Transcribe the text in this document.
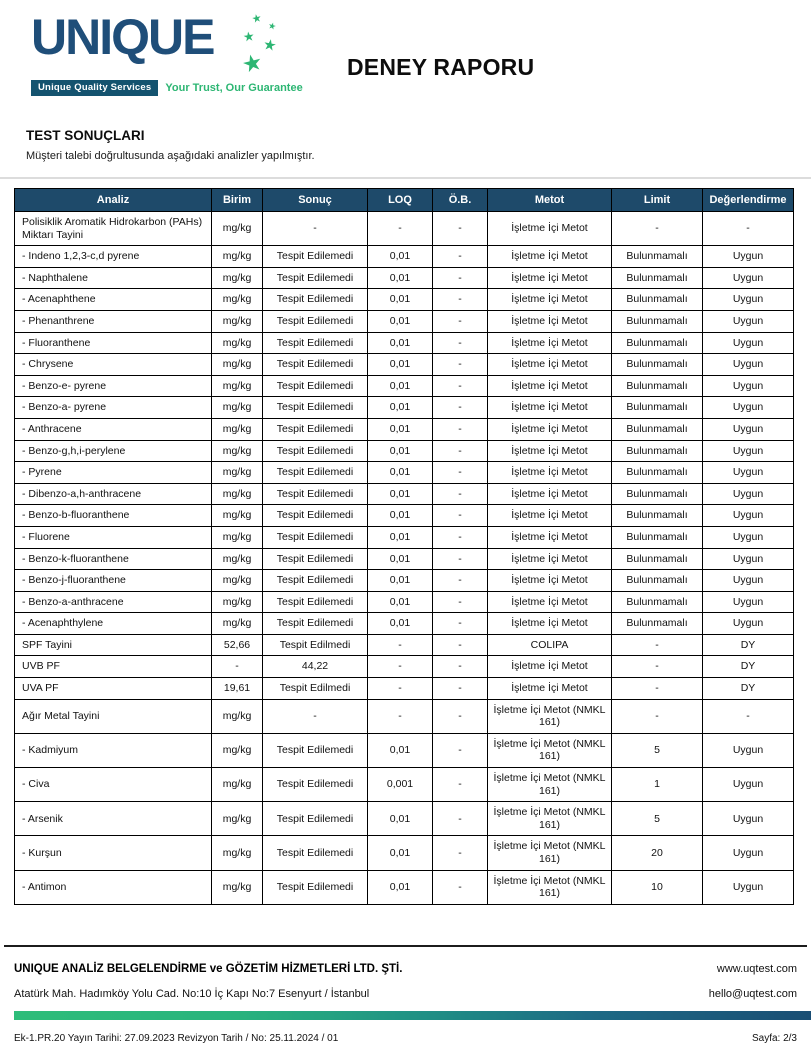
UNIQUE	★
★
★ ★
★
Unique Quality Services	Your Trust, Our Guarantee
DENEY RAPORU
TEST SONUÇLARI
Müşteri talebi doğrultusunda aşağıdaki analizler yapılmıştır.
Analiz	Birim	Sonuç	LOQ	Ö.B.	Metot	Limit	Değerlendirme
Polisiklik Aromatik Hidrokarbon (PAHs) Miktarı Tayini	mg/kg	-	-	-	İşletme İçi Metot	-	-
- Indeno 1,2,3-c,d pyrene	mg/kg	Tespit Edilemedi	0,01	-	İşletme İçi Metot	Bulunmamalı	Uygun
- Naphthalene	mg/kg	Tespit Edilemedi	0,01	-	İşletme İçi Metot	Bulunmamalı	Uygun
- Acenaphthene	mg/kg	Tespit Edilemedi	0,01	-	İşletme İçi Metot	Bulunmamalı	Uygun
- Phenanthrene	mg/kg	Tespit Edilemedi	0,01	-	İşletme İçi Metot	Bulunmamalı	Uygun
- Fluoranthene	mg/kg	Tespit Edilemedi	0,01	-	İşletme İçi Metot	Bulunmamalı	Uygun
- Chrysene	mg/kg	Tespit Edilemedi	0,01	-	İşletme İçi Metot	Bulunmamalı	Uygun
- Benzo-e- pyrene	mg/kg	Tespit Edilemedi	0,01	-	İşletme İçi Metot	Bulunmamalı	Uygun
- Benzo-a- pyrene	mg/kg	Tespit Edilemedi	0,01	-	İşletme İçi Metot	Bulunmamalı	Uygun
- Anthracene	mg/kg	Tespit Edilemedi	0,01	-	İşletme İçi Metot	Bulunmamalı	Uygun
- Benzo-g,h,i-perylene	mg/kg	Tespit Edilemedi	0,01	-	İşletme İçi Metot	Bulunmamalı	Uygun
- Pyrene	mg/kg	Tespit Edilemedi	0,01	-	İşletme İçi Metot	Bulunmamalı	Uygun
- Dibenzo-a,h-anthracene	mg/kg	Tespit Edilemedi	0,01	-	İşletme İçi Metot	Bulunmamalı	Uygun
- Benzo-b-fluoranthene	mg/kg	Tespit Edilemedi	0,01	-	İşletme İçi Metot	Bulunmamalı	Uygun
- Fluorene	mg/kg	Tespit Edilemedi	0,01	-	İşletme İçi Metot	Bulunmamalı	Uygun
- Benzo-k-fluoranthene	mg/kg	Tespit Edilemedi	0,01	-	İşletme İçi Metot	Bulunmamalı	Uygun
- Benzo-j-fluoranthene	mg/kg	Tespit Edilemedi	0,01	-	İşletme İçi Metot	Bulunmamalı	Uygun
- Benzo-a-anthracene	mg/kg	Tespit Edilemedi	0,01	-	İşletme İçi Metot	Bulunmamalı	Uygun
- Acenaphthylene	mg/kg	Tespit Edilemedi	0,01	-	İşletme İçi Metot	Bulunmamalı	Uygun
SPF Tayini	52,66	Tespit Edilmedi	-	-	COLIPA	-	DY
UVB PF	-	44,22	-	-	İşletme İçi Metot	-	DY
UVA PF	19,61	Tespit Edilmedi	-	-	İşletme İçi Metot	-	DY
Ağır Metal Tayini	mg/kg	-	-	-	İşletme İçi Metot (NMKL 161)	-	-
- Kadmiyum	mg/kg	Tespit Edilemedi	0,01	-	İşletme İçi Metot (NMKL 161)	5	Uygun
- Civa	mg/kg	Tespit Edilemedi	0,001	-	İşletme İçi Metot (NMKL 161)	1	Uygun
- Arsenik	mg/kg	Tespit Edilemedi	0,01	-	İşletme İçi Metot (NMKL 161)	5	Uygun
- Kurşun	mg/kg	Tespit Edilemedi	0,01	-	İşletme İçi Metot (NMKL 161)	20	Uygun
- Antimon	mg/kg	Tespit Edilemedi	0,01	-	İşletme İçi Metot (NMKL 161)	10	Uygun
UNIQUE ANALİZ BELGELENDİRME ve GÖZETİM HİZMETLERİ LTD. ŞTİ.	www.uqtest.com
Atatürk Mah. Hadımköy Yolu Cad. No:10 İç Kapı No:7 Esenyurt / İstanbul	hello@uqtest.com
Ek-1.PR.20 Yayın Tarihi: 27.09.2023 Revizyon Tarih / No: 25.11.2024 / 01	Sayfa: 2/3
